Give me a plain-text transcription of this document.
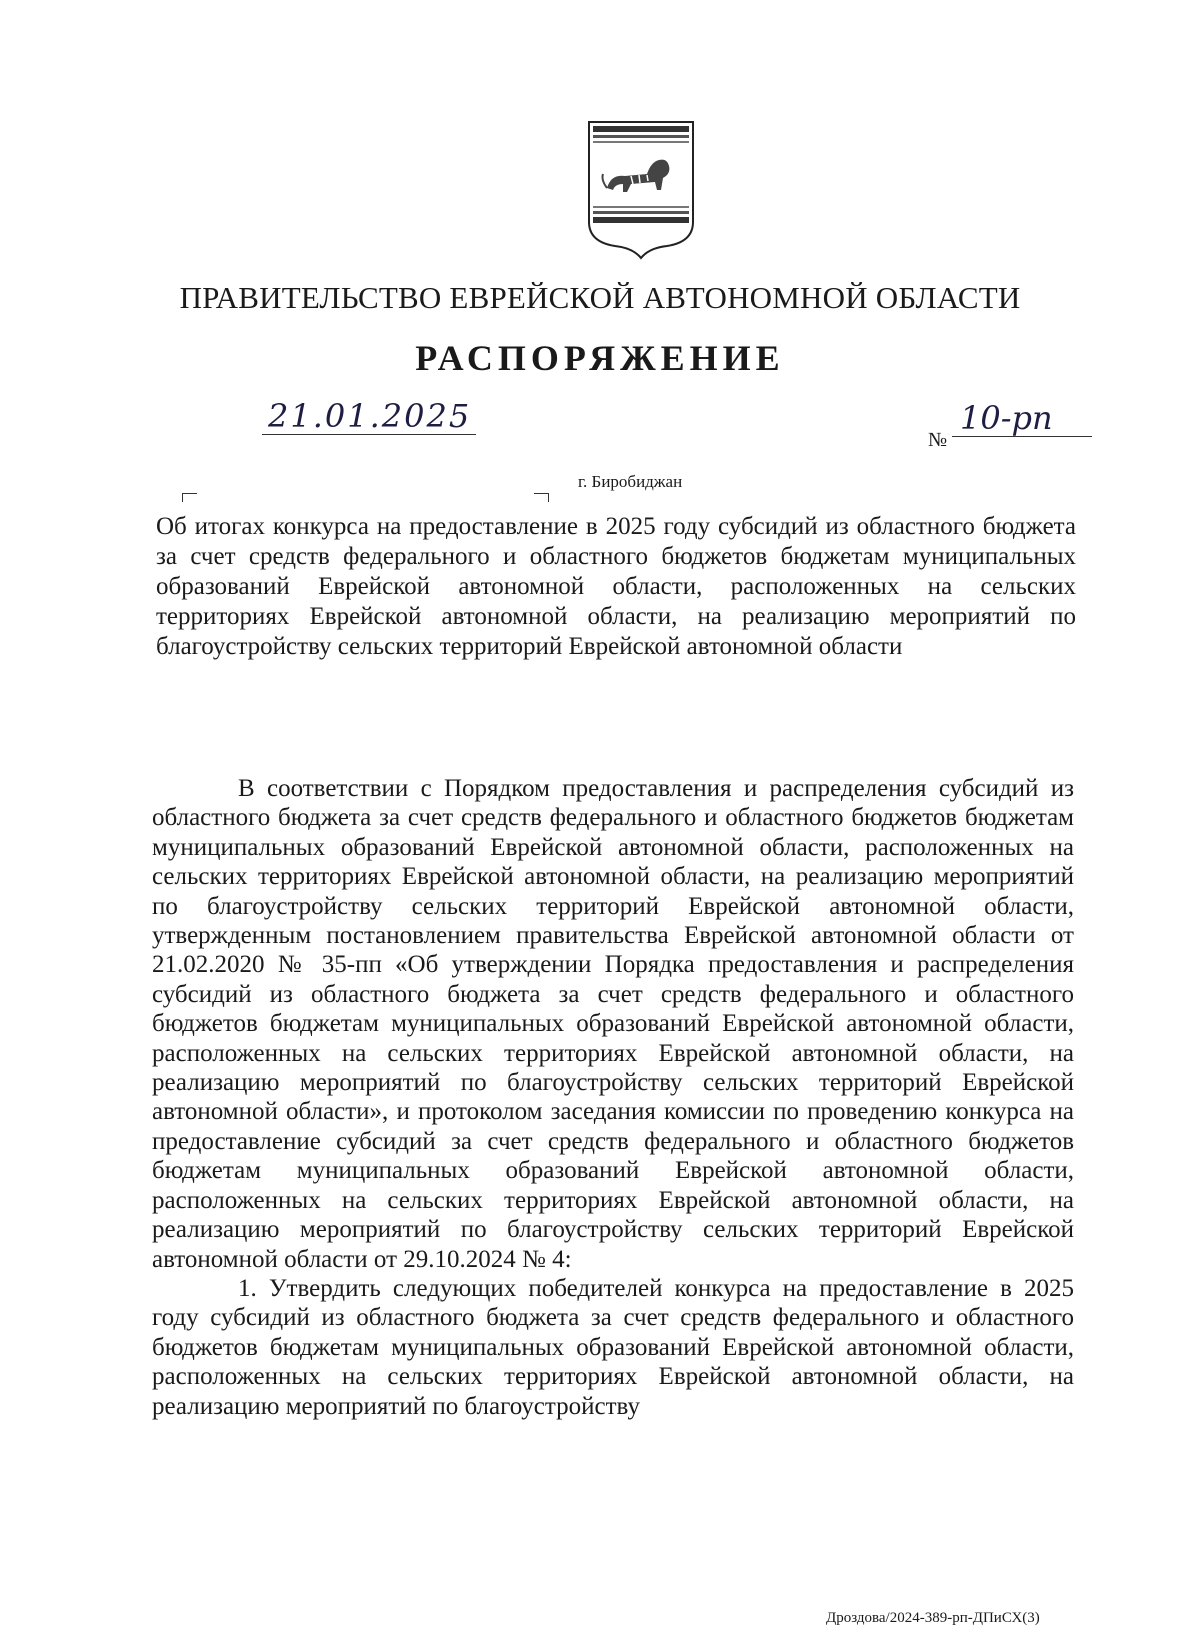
ПРАВИТЕЛЬСТВО ЕВРЕЙСКОЙ АВТОНОМНОЙ ОБЛАСТИ
РАСПОРЯЖЕНИЕ
21.01.2025
№
10-рп
г. Биробиджан
Об итогах конкурса на предоставление в 2025 году субсидий из областного бюджета за счет средств федерального и областного бюджетов бюджетам муниципальных образований Еврейской автономной области, расположенных на сельских территориях Еврейской автономной области, на реализацию мероприятий по благоустройству сельских территорий Еврейской автономной области

В соответствии с Порядком предоставления и распределения субсидий из областного бюджета за счет средств федерального и областного бюджетов бюджетам муниципальных образований Еврейской автономной области, расположенных на сельских территориях Еврейской автономной области, на реализацию мероприятий по благоустройству сельских территорий Еврейской автономной области, утвержденным постановлением правительства Еврейской автономной области от 21.02.2020 № 35-пп «Об утверждении Порядка предоставления и распределения субсидий из областного бюджета за счет средств федерального и областного бюджетов бюджетам муниципальных образований Еврейской автономной области, расположенных на сельских территориях Еврейской автономной области, на реализацию мероприятий по благоустройству сельских территорий Еврейской автономной области», и протоколом заседания комиссии по проведению конкурса на предоставление субсидий за счет средств федерального и областного бюджетов бюджетам муниципальных образований Еврейской автономной области, расположенных на сельских территориях Еврейской автономной области, на реализацию мероприятий по благоустройству сельских территорий Еврейской автономной области от 29.10.2024 № 4:

1. Утвердить следующих победителей конкурса на предоставление в 2025 году субсидий из областного бюджета за счет средств федерального и областного бюджетов бюджетам муниципальных образований Еврейской автономной области, расположенных на сельских территориях Еврейской автономной области, на реализацию мероприятий по благоустройству

Дроздова/2024-389-рп-ДПиСХ(3)
